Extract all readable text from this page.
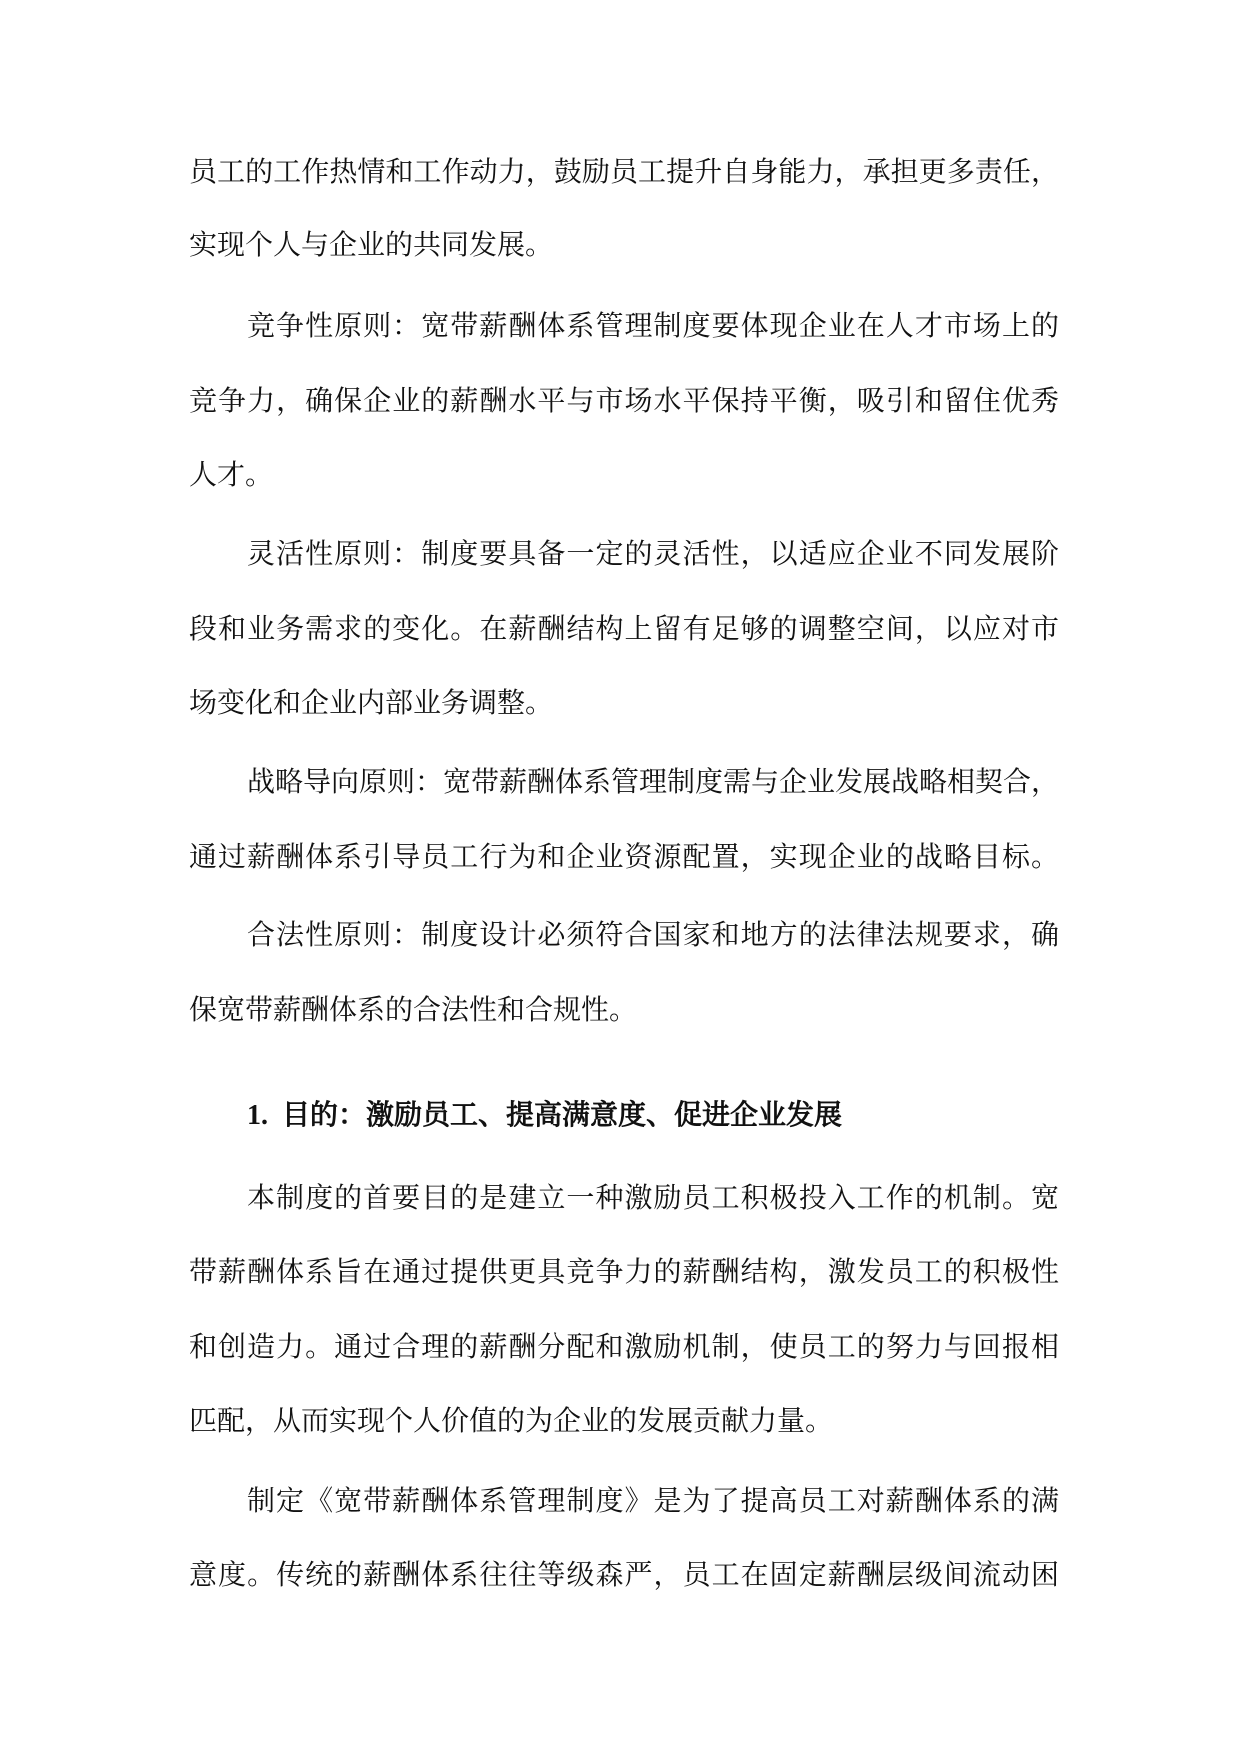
员工的工作热情和工作动力，鼓励员工提升自身能力，承担更多责任，

实现个人与企业的共同发展。

竞争性原则：宽带薪酬体系管理制度要体现企业在人才市场上的

竞争力，确保企业的薪酬水平与市场水平保持平衡，吸引和留住优秀

人才。

灵活性原则：制度要具备一定的灵活性，以适应企业不同发展阶

段和业务需求的变化。在薪酬结构上留有足够的调整空间，以应对市

场变化和企业内部业务调整。

战略导向原则：宽带薪酬体系管理制度需与企业发展战略相契合，

通过薪酬体系引导员工行为和企业资源配置，实现企业的战略目标。

合法性原则：制度设计必须符合国家和地方的法律法规要求，确

保宽带薪酬体系的合法性和合规性。

1. 目的：激励员工、提高满意度、促进企业发展

本制度的首要目的是建立一种激励员工积极投入工作的机制。宽

带薪酬体系旨在通过提供更具竞争力的薪酬结构，激发员工的积极性

和创造力。通过合理的薪酬分配和激励机制，使员工的努力与回报相

匹配，从而实现个人价值的为企业的发展贡献力量。

制定《宽带薪酬体系管理制度》是为了提高员工对薪酬体系的满

意度。传统的薪酬体系往往等级森严，员工在固定薪酬层级间流动困
